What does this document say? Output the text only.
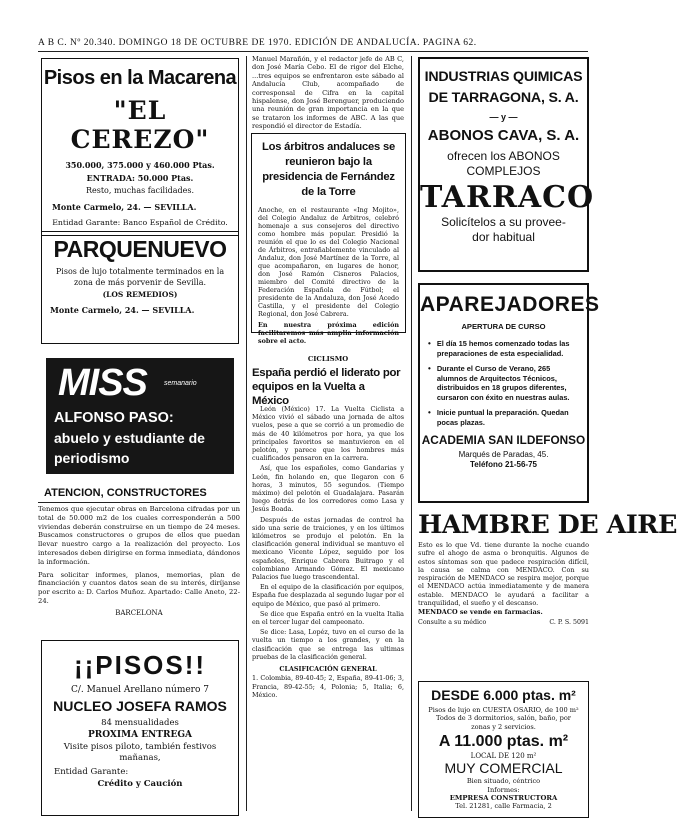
A B C. Nº 20.340. DOMINGO 18 DE OCTUBRE DE 1970. EDICIÓN DE ANDALUCÍA. PAGINA 62.
Pisos en la Macarena
"EL CEREZO"
350.000, 375.000 y 460.000 Ptas.
ENTRADA: 50.000 Ptas.
Resto, muchas facilidades.
Monte Carmelo, 24. — SEVILLA.
Entidad Garante: Banco Español de Crédito.
PARQUENUEVO
Pisos de lujo totalmente terminados en la zona de más porvenir de Sevilla.
(LOS REMEDIOS)
Monte Carmelo, 24. — SEVILLA.
MISS semanario
ALFONSO PASO:
abuelo y estudiante de
periodismo
ATENCION, CONSTRUCTORES
Tenemos que ejecutar obras en Barcelona cifradas por un total de 50.000 m2 de los cuales corresponderán a 500 viviendas deberán construirse en un tiempo de 24 meses. Buscamos constructores o grupos de ellos que puedan llevar nuestro cargo a la realización del proyecto. Los interesados deben dirigirse en forma inmediata, dándonos la información.
Para solicitar informes, planos, memorias, plan de financiación y cuantos datos sean de su interés, diríjanse por escrito a: D. Carlos Muñoz. Apartado: Calle Aneto, 22-24.
BARCELONA
¡¡PISOS!!
C/. Manuel Arellano número 7
NUCLEO JOSEFA RAMOS
84 mensualidades
PROXIMA ENTREGA
Visite pisos piloto, también festivos mañanas,
Entidad Garante:
Crédito y Caución
Manuel Marañón, y el redactor jefe de AB C, don José María Cebo. El de rigor del Elche, ...tres equipos se enfrentaron este sábado al Andalucía Club, acompañado de corresponsal de Cifra en la capital hispalense, don José Berenguer, produciendo una reunión de gran importancia en la que se trataron los informes de ABC. A las que respondió el director de Estadía.
Los árbitros andaluces se reunieron bajo la presidencia de Fernández de la Torre
Anoche, en el restaurante «Ing Mojito», del Colegio Andaluz de Árbitros, celebró homenaje a sus consejeros del directivo como hombre más popular. Presidió la reunión el que lo es del Colegio Nacional de Árbitros, entrañablemente vinculado al Andaluz, don José Martínez de la Torre, al que acompañaron, en lugares de honor, don José Ramón Cisneros Palacios, miembro del Comité directivo de la Federación Española de Fútbol; el presidente de la Andaluza, don José Acedo Castilla, y el presidente del Colegio Regional, don José Cabrera.
En nuestra próxima edición facilitaremos más amplia información sobre el acto.
CICLISMO
España perdió el liderato por equipos en la Vuelta a México
León (México) 17. La Vuelta Ciclista a México vivió el sábado una jornada de altos vuelos, pese a que se corrió a un promedio de más de 40 kilómetros por hora, ya que los principales favoritos se mantuvieron en el pelotón, y parece que los hombres más cualificados pensaron en la carrera.
Así, que los españoles, como Gandarias y León, fin holando en, que llegaron con 6 horas, 3 minutos, 55 segundos. (Tiempo máximo) del pelotón el Guadalajara. Pasarán luego detrás de los corredores como Lasa y Jesús Boada.
Después de estas jornadas de control ha sido una serie de traiciones, y en los últimos kilómetros se produjo el pelotón. En la clasificación general individual se mantuvo el mexicano Vicente López, seguido por los españoles, Enrique Cabrera Buitrago y el colombiano Armando Gómez. El mexicano Palacios fue luego trascendental.
En el equipo de la clasificación por equipos, España fue desplazada al segundo lugar por el equipo de México, que pasó al primero.
Se dice que España entró en la vuelta Italia en el tercer lugar del campeonato.
Se dice: Lasa, Lopéz, tuvo en el curso de la vuelta un tiempo a los grandes, y en la clasificación que se entrega las ultimas pruebas de la clasificación general.
CLASIFICACIÓN GENERAL
1. Colombia, 89-40-45; 2, España, 89-41-06; 3, Francia, 89-42-55; 4, Polonia; 5, Italia; 6, México.
INDUSTRIAS QUIMICAS
DE TARRAGONA, S. A.
— y —
ABONOS CAVA, S. A.
ofrecen los ABONOS
COMPLEJOS
TARRACO
Solicítelos a su provee-
dor habitual
APAREJADORES
APERTURA DE CURSO
• El día 15 hemos comenzado todas las preparaciones de esta especialidad.
• Durante el Curso de Verano, 265 alumnos de Arquitectos Técnicos, distribuidos en 18 grupos diferentes, cursaron con éxito en nuestras aulas.
• Inicie puntual la preparación. Quedan pocas plazas.
ACADEMIA SAN ILDEFONSO
Marqués de Paradas, 45.
Teléfono 21-56-75
HAMBRE DE AIRE
Esto es lo que Vd. tiene durante la noche cuando sufre el ahogo de asma o bronquitis. Algunos de estos síntomas son que padece respiración difícil, la causa se calma con MENDACO. Con su respiración de MENDACO se respira mejor, porque el MENDACO actúa inmediatamente y de manera estable. MENDACO le ayudará a facilitar a tranquilidad, el sueño y el descanso.
MENDACO se vende en farmacias.
Consulte a su médico	C. P. S. 5091
DESDE 6.000 ptas. m²
Pisos de lujo en CUESTA OSARIO, de 100 m² Todos de 3 dormitorios, salón, baño, por zonas y 2 servicios.
A 11.000 ptas. m²
LOCAL DE 120 m²
MUY COMERCIAL
Bien situado, céntrico
Informes:
EMPRESA CONSTRUCTORA
Tel. 21281, calle Farmacia, 2
